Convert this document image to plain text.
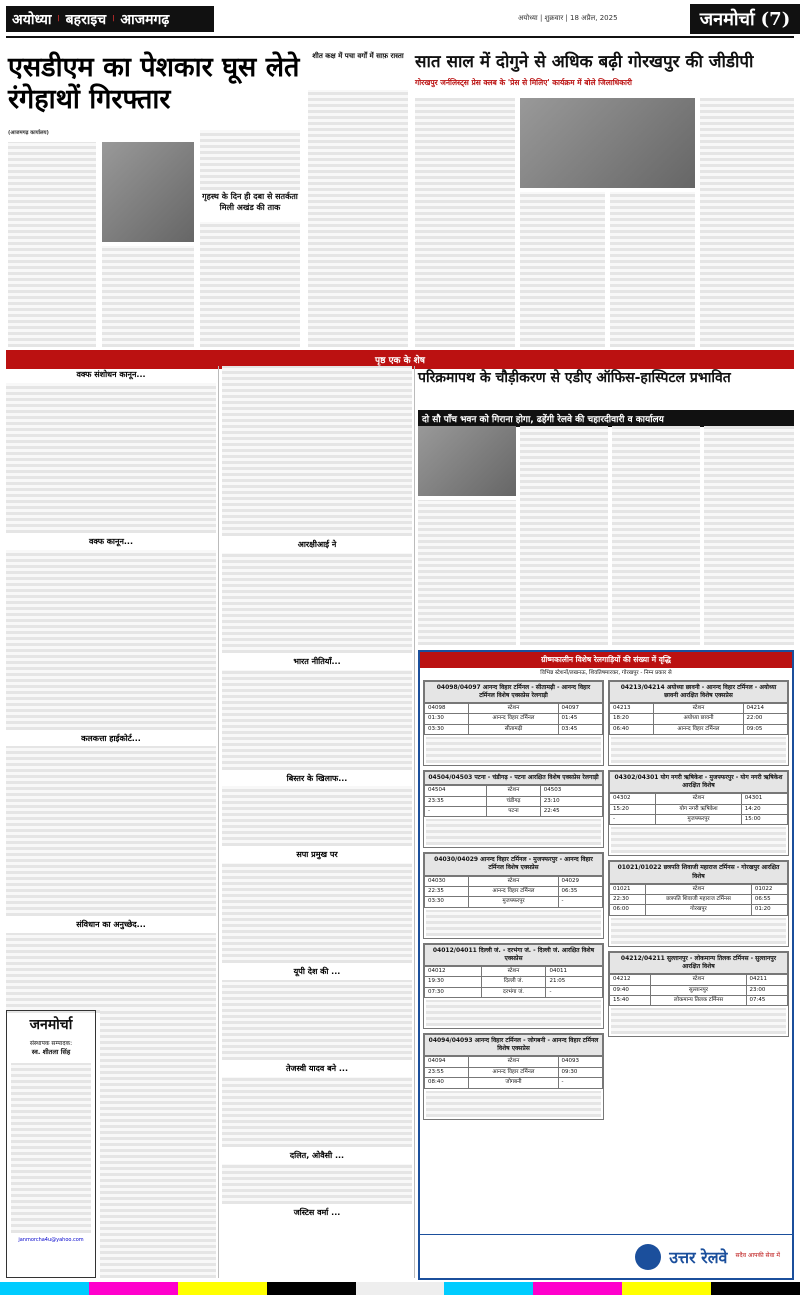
अयोध्या | बहराइच | आजमगढ़	अयोध्या | शुक्रवार | 18 अप्रैल, 2025	जनमोर्चा (7)
एसडीएम का पेशकार घूस लेते रंगेहाथों गिरफ्तार
(आजमगढ़ कार्यालय)
गृहस्थ के दिन ही दबा से सतर्कता मिली अखंड की ताक
शीत कक्ष में पचा वर्गों में साफ़ रास्ता सात साल में दोगुने से अधिक बढ़ी गोरखपुर की जीडीपी
गोरखपुर जर्नलिस्ट्स प्रेस क्लब के 'प्रेस से मिलिए' कार्यक्रम में बोले जिलाधिकारी
पृष्ठ एक के शेष
वक्फ संशोधन कानून...
वक्फ कानून...
कलकत्ता हाईकोर्ट...
संविधान का अनुच्छेद...
जनमोर्चा
संस्थापक सम्पादक:
स्व. शीतला सिंह
janmorcha4u@yahoo.com
आरक्षीआई ने
भारत नीतियाँ...
बिस्तर के खिलाफ...
सपा प्रमुख पर
यूपी देश की ...
तेजस्वी यादव बने ...
दलित, ओवैसी ...
जस्टिस वर्मा ...
परिक्रमापथ के चौड़ीकरण से एडीए ऑफिस-हास्पिटल प्रभावित
दो सौ पाँच भवन को गिराना होगा, ढहेंगी रेलवे की चहारदीवारी व कार्यालय
ग्रीष्मकालीन विशेष रेलगाड़ियों की संख्या में वृद्धि
विभिन्न स्टेशनों/लखनऊ, शिवतिषमारकर, गोरखपुर - निम्न प्रकार से
04098/04097 आनन्द विहार टर्मिनल - सीतामढ़ी - आनन्द विहार टर्मिनल विशेष एक्सप्रेस रेलगाड़ी
04098	स्टेशन	04097
01:30	आनन्द विहार टर्मिनल	01:45
03:30	सीतामढ़ी	03:45
04504/04503 पटना - चंडीगढ़ - पटना आरक्षित विशेष एक्सप्रेस रेलगाड़ी
04504	स्टेशन	04503
23:35	चंडीगढ़	23:10
-	पटना	22:45
04030/04029 आनन्द विहार टर्मिनल - मुजफ्फरपुर - आनन्द विहार टर्मिनल विशेष एक्सप्रेस
04030	स्टेशन	04029
22:35	आनन्द विहार टर्मिनल	06:35
03:30	मुजफ्फरपुर	-
04012/04011 दिल्ली जं. - दरभंगा जं. - दिल्ली जं. आरक्षित विशेष एक्सप्रेस
04012	स्टेशन	04011
19:30	दिल्ली जं.	21:05
07:30	दरभंगा जं.	-
04094/04093 आनन्द विहार टर्मिनल - जोगबनी - आनन्द विहार टर्मिनल विशेष एक्सप्रेस
04094	स्टेशन	04093
23:55	आनन्द विहार टर्मिनल	09:30
08:40	जोगबनी	-
04213/04214 अयोध्या छावनी - आनन्द विहार टर्मिनल - अयोध्या छावनी आरक्षित विशेष एक्सप्रेस
04213	स्टेशन	04214
18:20	अयोध्या छावनी	22:00
06:40	आनन्द विहार टर्मिनल	09:05
04302/04301 योग नगरी ऋषिकेश - मुजफ्फरपुर - योग नगरी ऋषिकेश आरक्षित विशेष
04302	स्टेशन	04301
15:20	योग नगरी ऋषिकेश	14:20
-	मुजफ्फरपुर	15:00
01021/01022 छत्रपति शिवाजी महाराज टर्मिनस - गोरखपुर आरक्षित विशेष
01021	स्टेशन	01022
22:30	छत्रपति शिवाजी महाराज टर्मिनस	06:55
06:00	गोरखपुर	01:20
04212/04211 सुल्तानपुर - लोकमान्य तिलक टर्मिनस - सुल्तानपुर आरक्षित विशेष
04212	स्टेशन	04211
09:40	सुल्तानपुर	23:00
15:40	लोकमान्य तिलक टर्मिनस	07:45
उत्तर रेलवे सदैव आपकी सेवा में
